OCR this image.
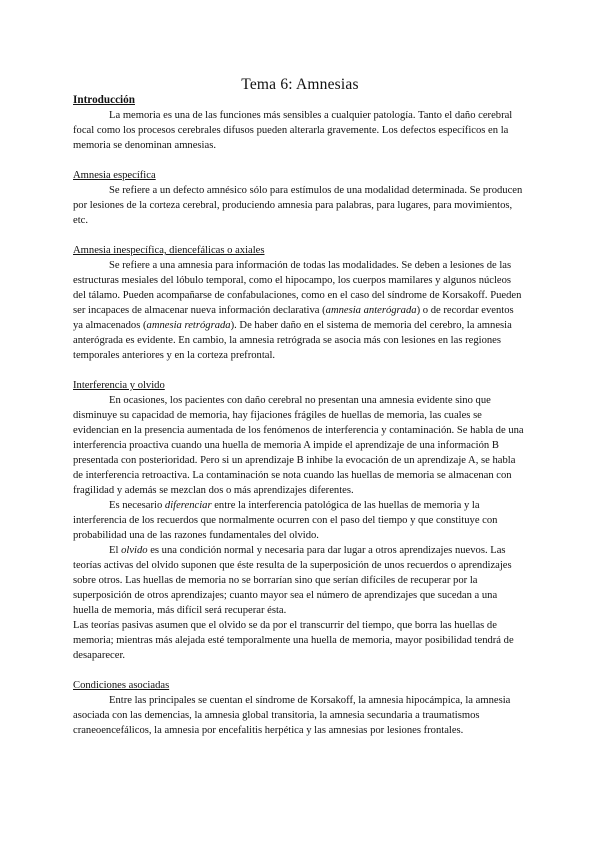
Tema 6: Amnesias

Introducción

La memoria es una de las funciones más sensibles a cualquier patología. Tanto el daño cerebral focal como los procesos cerebrales difusos pueden alterarla gravemente. Los defectos específicos en la memoria se denominan amnesias.

Amnesia específica

Se refiere a un defecto amnésico sólo para estímulos de una modalidad determinada. Se producen por lesiones de la corteza cerebral, produciendo amnesia para palabras, para lugares, para movimientos, etc.

Amnesia inespecífica, diencefálicas o axiales

Se refiere a una amnesia para información de todas las modalidades. Se deben a lesiones de las estructuras mesiales del lóbulo temporal, como el hipocampo, los cuerpos mamilares y algunos núcleos del tálamo. Pueden acompañarse de confabulaciones, como en el caso del síndrome de Korsakoff. Pueden ser incapaces de almacenar nueva información declarativa (amnesia anterógrada) o de recordar eventos ya almacenados (amnesia retrógrada). De haber daño en el sistema de memoria del cerebro, la amnesia anterógrada es evidente. En cambio, la amnesia retrógrada se asocia más con lesiones en las regiones temporales anteriores y en la corteza prefrontal.

Interferencia y olvido

En ocasiones, los pacientes con daño cerebral no presentan una amnesia evidente sino que disminuye su capacidad de memoria, hay fijaciones frágiles de huellas de memoria, las cuales se evidencian en la presencia aumentada de los fenómenos de interferencia y contaminación. Se habla de una interferencia proactiva cuando una huella de memoria A impide el aprendizaje de una información B presentada con posterioridad. Pero si un aprendizaje B inhibe la evocación de un aprendizaje A, se habla de interferencia retroactiva. La contaminación se nota cuando las huellas de memoria se almacenan con fragilidad y además se mezclan dos o más aprendizajes diferentes.

Es necesario diferenciar entre la interferencia patológica de las huellas de memoria y la interferencia de los recuerdos que normalmente ocurren con el paso del tiempo y que constituye con probabilidad una de las razones fundamentales del olvido.

El olvido es una condición normal y necesaria para dar lugar a otros aprendizajes nuevos. Las teorías activas del olvido suponen que éste resulta de la superposición de unos recuerdos o aprendizajes sobre otros. Las huellas de memoria no se borrarían sino que serían difíciles de recuperar por la superposición de otros aprendizajes; cuanto mayor sea el número de aprendizajes que sucedan a una huella de memoria, más difícil será recuperar ésta.

Las teorías pasivas asumen que el olvido se da por el transcurrir del tiempo, que borra las huellas de memoria; mientras más alejada esté temporalmente una huella de memoria, mayor posibilidad tendrá de desaparecer.

Condiciones asociadas

Entre las principales se cuentan el síndrome de Korsakoff, la amnesia hipocámpica, la amnesia asociada con las demencias, la amnesia global transitoria, la amnesia secundaria a traumatismos craneoencefálicos, la amnesia por encefalitis herpética y las amnesias por lesiones frontales.
